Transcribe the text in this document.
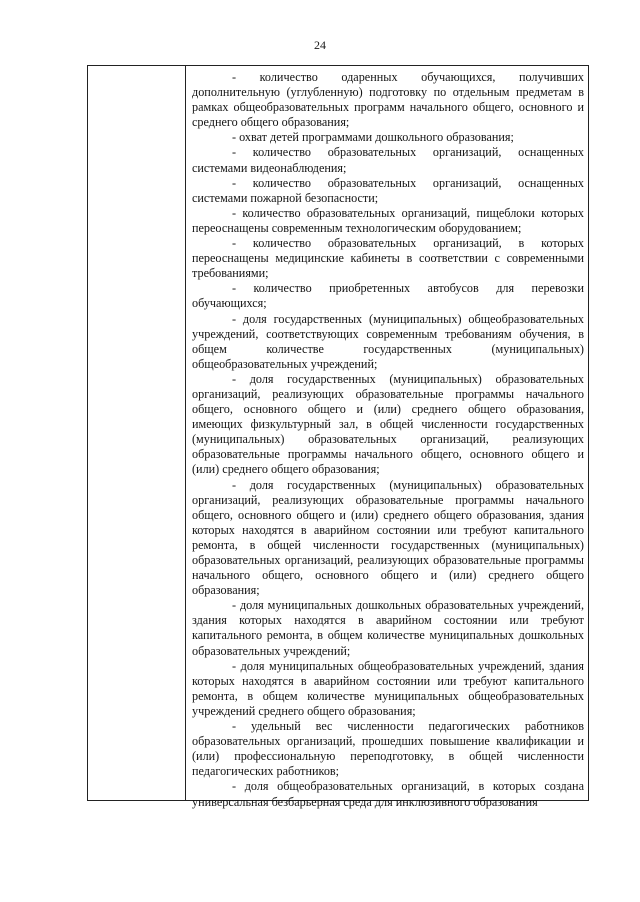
24

- количество одаренных обучающихся, получивших дополнительную (углубленную) подготовку по отдельным предметам в рамках общеобразовательных программ начального общего, основного и среднего общего образования;

- охват детей программами дошкольного образования;

- количество образовательных организаций, оснащенных системами видеонаблюдения;

- количество образовательных организаций, оснащенных системами пожарной безопасности;

- количество образовательных организаций, пищеблоки которых переоснащены современным технологическим оборудованием;

- количество образовательных организаций, в которых переоснащены медицинские кабинеты в соответствии с современными требованиями;

- количество приобретенных автобусов для перевозки обучающихся;

- доля государственных (муниципальных) общеобразовательных учреждений, соответствующих современным требованиям обучения, в общем количестве государственных (муниципальных) общеобразовательных учреждений;

- доля государственных (муниципальных) образовательных организаций, реализующих образовательные программы начального общего, основного общего и (или) среднего общего образования, имеющих физкультурный зал, в общей численности государственных (муниципальных) образовательных организаций, реализующих образовательные программы начального общего, основного общего и (или) среднего общего образования;

- доля государственных (муниципальных) образовательных организаций, реализующих образовательные программы начального общего, основного общего и (или) среднего общего образования, здания которых находятся в аварийном состоянии или требуют капитального ремонта, в общей численности государственных (муниципальных) образовательных организаций, реализующих образовательные программы начального общего, основного общего и (или) среднего общего образования;

- доля муниципальных дошкольных образовательных учреждений, здания которых находятся в аварийном состоянии или требуют капитального ремонта, в общем количестве муниципальных дошкольных образовательных учреждений;

- доля муниципальных общеобразовательных учреждений, здания которых находятся в аварийном состоянии или требуют капитального ремонта, в общем количестве муниципальных общеобразовательных учреждений среднего общего образования;

- удельный вес численности педагогических работников образовательных организаций, прошедших повышение квалификации и (или) профессиональную переподготовку, в общей численности педагогических работников;

- доля общеобразовательных организаций, в которых создана универсальная безбарьерная среда для инклюзивного образования
